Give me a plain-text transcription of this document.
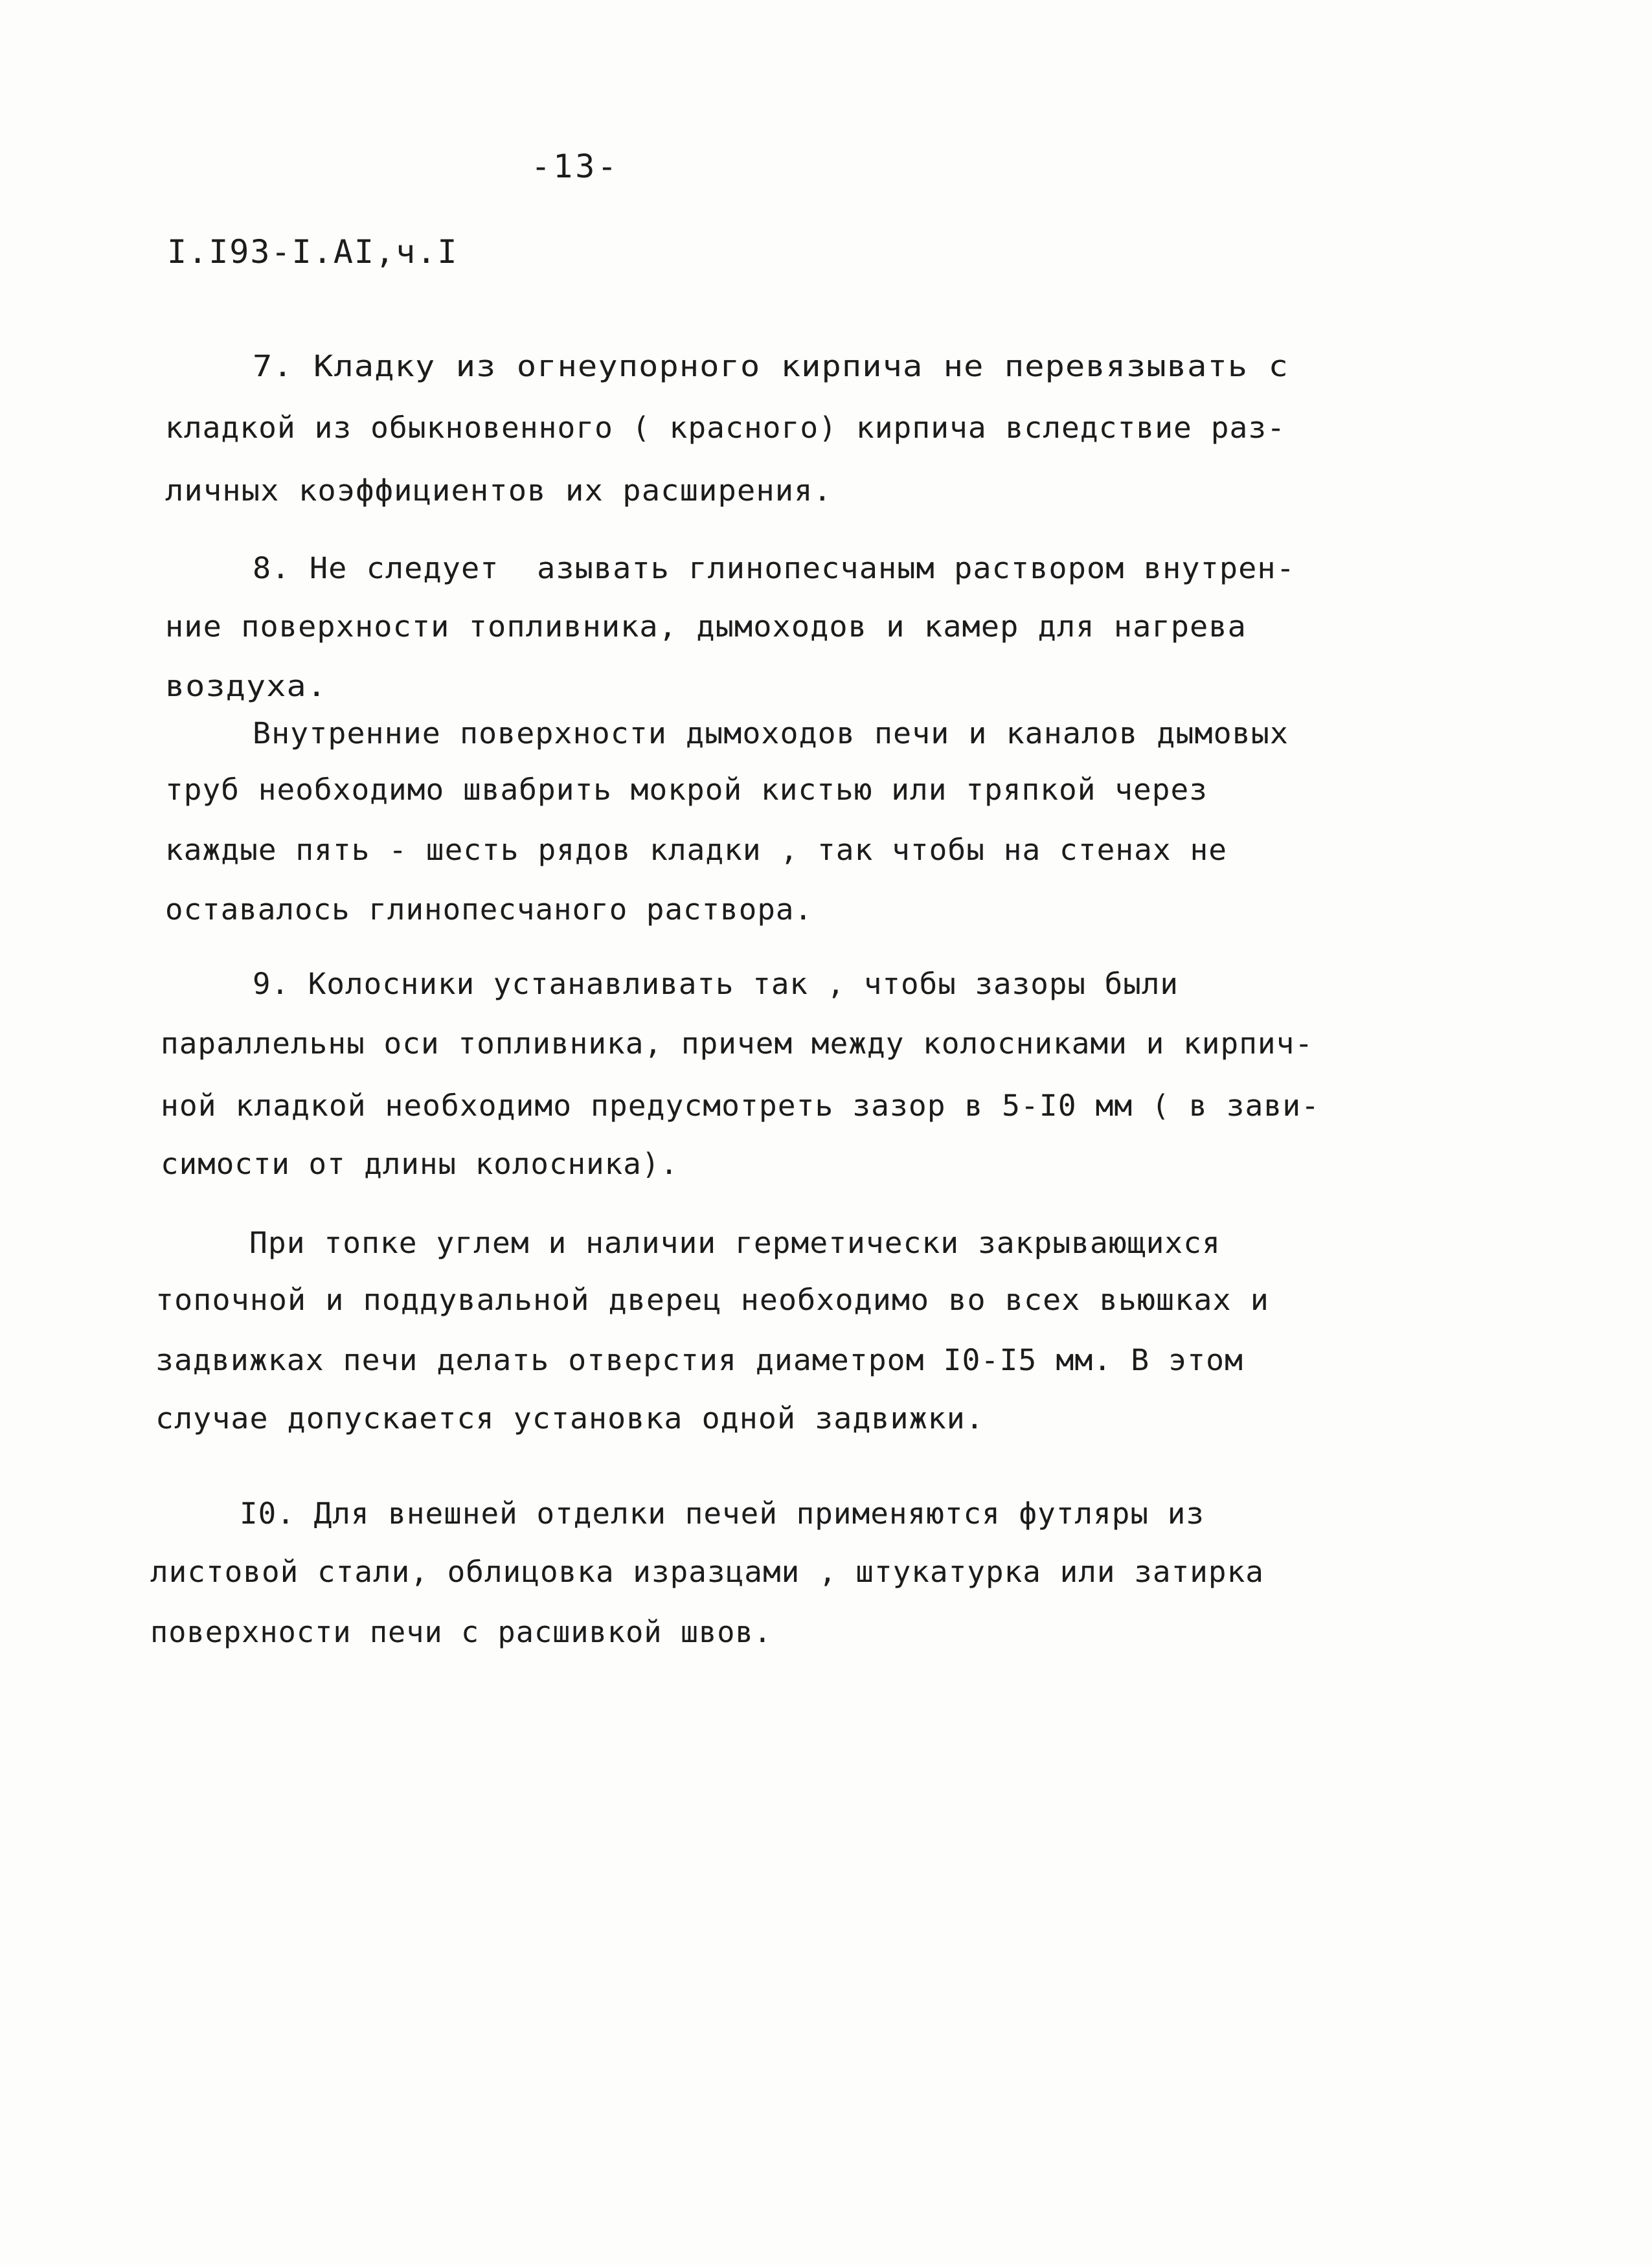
-13-
I.I93-I.AI,ч.I
7. Кладку из огнеупорного кирпича не перевязывать с
кладкой из обыкновенного ( красного) кирпича вследствие раз-
личных коэффициентов их расширения.
8. Не следует  азывать глинопесчаным раствором внутрен-
ние поверхности топливника, дымоходов и камер для нагрева
воздуха.
Внутренние поверхности дымоходов печи и каналов дымовых
труб необходимо швабрить мокрой кистью или тряпкой через
каждые пять - шесть рядов кладки , так чтобы на стенах не
оставалось глинопесчаного раствора.
9. Колосники устанавливать так , чтобы зазоры были
параллельны оси топливника, причем между колосниками и кирпич-
ной кладкой необходимо предусмотреть зазор в 5-I0 мм ( в зави-
симости от длины колосника).
При топке углем и наличии герметически закрывающихся
топочной и поддувальной дверец необходимо во всех вьюшках и
задвижках печи делать отверстия диаметром I0-I5 мм. В этом
случае допускается установка одной задвижки.
I0. Для внешней отделки печей применяются футляры из
листовой стали, облицовка изразцами , штукатурка или затирка
поверхности печи с расшивкой швов.
